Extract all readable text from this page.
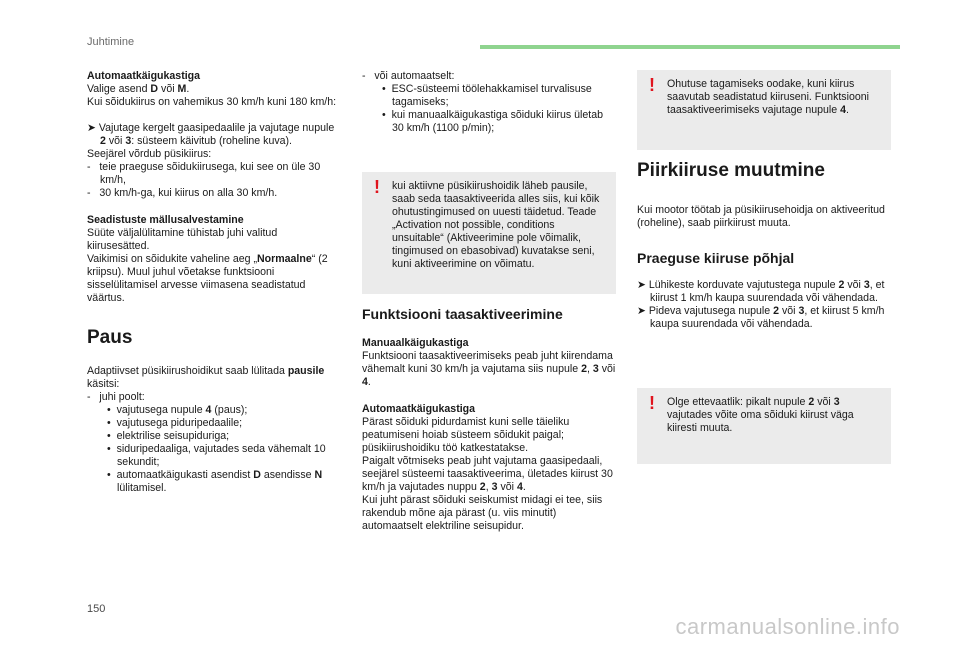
Juhtimine

Automaatkäigukastiga

Valige asend D või M.

Kui sõidukiirus on vahemikus 30 km/h kuni 180 km/h:

➤ Vajutage kergelt gaasipedaalile ja vajutage nupule 2 või 3: süsteem käivitub (roheline kuva).

Seejärel võrdub püsikiirus:

-   teie praeguse sõidukiirusega, kui see on üle 30 km/h,

-   30 km/h-ga, kui kiirus on alla 30 km/h.

Seadistuste mällusalvestamine

Süüte väljalülitamine tühistab juhi valitud kiirusesätted.
Vaikimisi on sõidukite vaheline aeg „Normaalne“ (2 kriipsu). Muul juhul võetakse funktsiooni sisselülitamisel arvesse viimasena seadistatud väärtus.

Paus

Adaptiivset püsikiirushoidikut saab lülitada pausile käsitsi:

-   juhi poolt:

•  vajutusega nupule 4 (paus);

•  vajutusega piduripedaalile;

•  elektrilise seisupiduriga;

•  siduripedaaliga, vajutades seda vähemalt 10 sekundit;

•  automaatkäigukasti asendist D asendisse N lülitamisel.

-   või automaatselt:

•  ESC-süsteemi töölehakkamisel turvalisuse tagamiseks;

•  kui manuaalkäigukastiga sõiduki kiirus ületab 30 km/h (1100 p/min);

!	kui aktiivne püsikiirushoidik läheb pausile, saab seda taasaktiveerida alles siis, kui kõik ohutustingimused on uuesti täidetud. Teade „Activation not possible, conditions unsuitable“ (Aktiveerimine pole võimalik, tingimused on ebasobivad) kuvatakse seni, kuni aktiveerimine on võimatu.

Funktsiooni taasaktiveerimine

Manuaalkäigukastiga

Funktsiooni taasaktiveerimiseks peab juht kiirendama vähemalt kuni 30 km/h ja vajutama siis nupule 2, 3 või 4.

Automaatkäigukastiga

Pärast sõiduki pidurdamist kuni selle täieliku peatumiseni hoiab süsteem sõidukit paigal; püsikiirushoidiku töö katkestatakse.
Paigalt võtmiseks peab juht vajutama gaasipedaali, seejärel süsteemi taasaktiveerima, ületades kiirust 30 km/h ja vajutades nuppu 2, 3 või 4.
Kui juht pärast sõiduki seiskumist midagi ei tee, siis rakendub mõne aja pärast (u. viis minutit) automaatselt elektriline seisupidur.

!	Ohutuse tagamiseks oodake, kuni kiirus saavutab seadistatud kiiruseni. Funktsiooni taasaktiveerimiseks vajutage nupule 4.

Piirkiiruse muutmine

Kui mootor töötab ja püsikiirusehoidja on aktiveeritud (roheline), saab piirkiirust muuta.

Praeguse kiiruse põhjal

➤ Lühikeste korduvate vajutustega nupule 2 või 3, et kiirust 1 km/h kaupa suurendada või vähendada.

➤ Pideva vajutusega nupule 2 või 3, et kiirust 5 km/h kaupa suurendada või vähendada.

!	Olge ettevaatlik: pikalt nupule 2 või 3 vajutades võite oma sõiduki kiirust väga kiiresti muuta.

150
carmanualsonline.info
